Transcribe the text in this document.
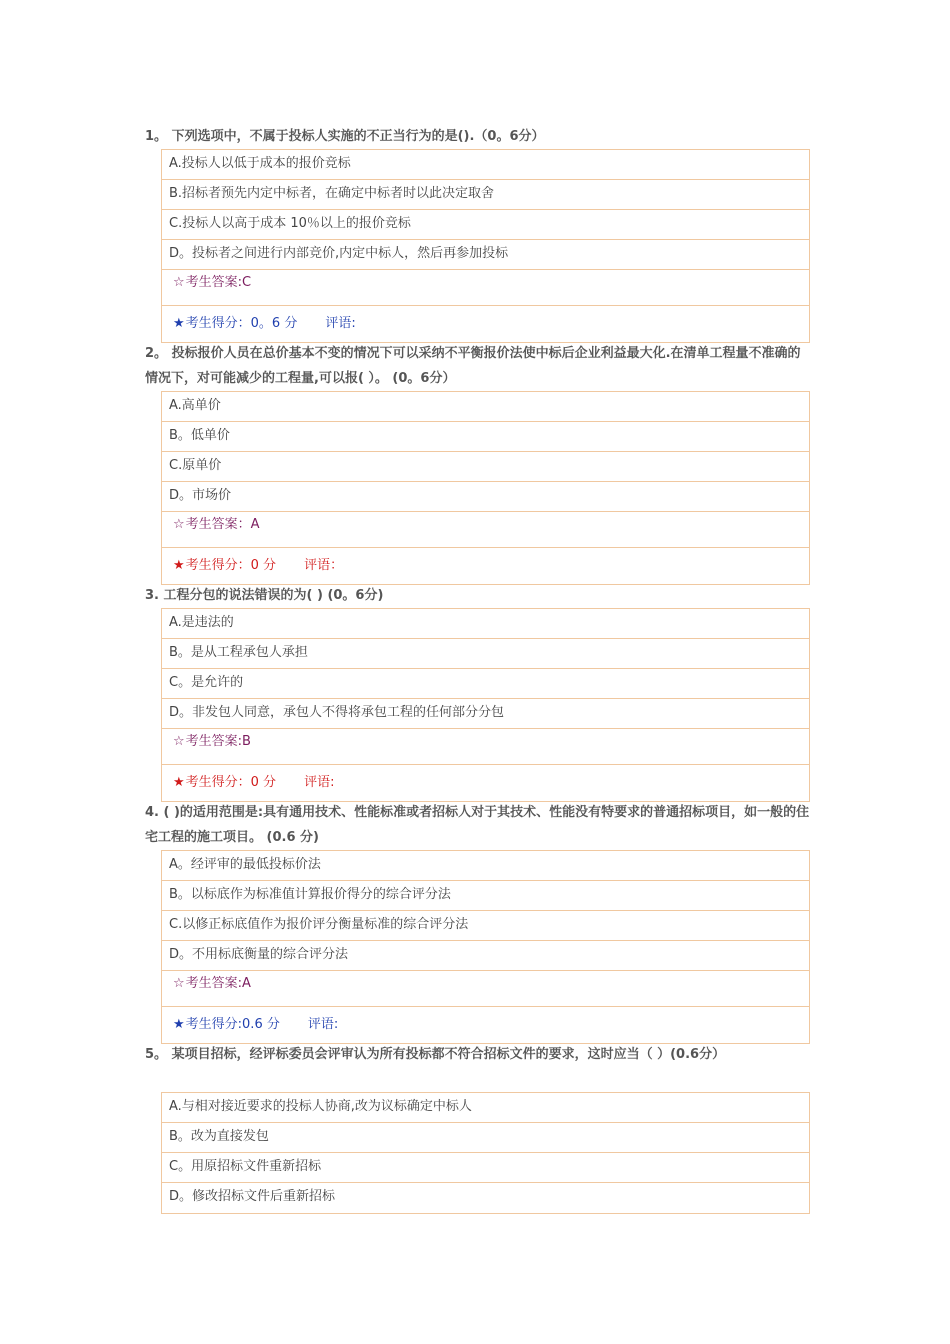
1。 下列选项中，不属于投标人实施的不正当行为的是().（0。6分）
A.投标人以低于成本的报价竞标
B.招标者预先内定中标者，在确定中标者时以此决定取舍
C.投标人以高于成本 10％以上的报价竞标
D。投标者之间进行内部竞价,内定中标人，然后再参加投标
☆考生答案:C
★考生得分：0。6 分 评语:
2。 投标报价人员在总价基本不变的情况下可以采纳不平衡报价法使中标后企业利益最大化.在清单工程量不准确的情况下，对可能减少的工程量,可以报( ）。 (0。6分）
A.高单价
B。低单价
C.原单价
D。市场价
☆考生答案：A
★考生得分：0 分 评语：
3. 工程分包的说法错误的为( ) (0。6分)
A.是违法的
B。是从工程承包人承担
C。是允许的
D。非发包人同意，承包人不得将承包工程的任何部分分包
☆考生答案:B
★考生得分：0 分 评语:
4. ( )的适用范围是:具有通用技术、性能标准或者招标人对于其技术、性能没有特要求的普通招标项目，如一般的住宅工程的施工项目。 (0.6 分)
A。经评审的最低投标价法
B。以标底作为标准值计算报价得分的综合评分法
C.以修正标底值作为报价评分衡量标准的综合评分法
D。不用标底衡量的综合评分法
☆考生答案:A
★考生得分:0.6 分 评语:
5。 某项目招标，经评标委员会评审认为所有投标都不符合招标文件的要求，这时应当（ ）(0.6分）
A.与相对接近要求的投标人协商,改为议标确定中标人
B。改为直接发包
C。用原招标文件重新招标
D。修改招标文件后重新招标
